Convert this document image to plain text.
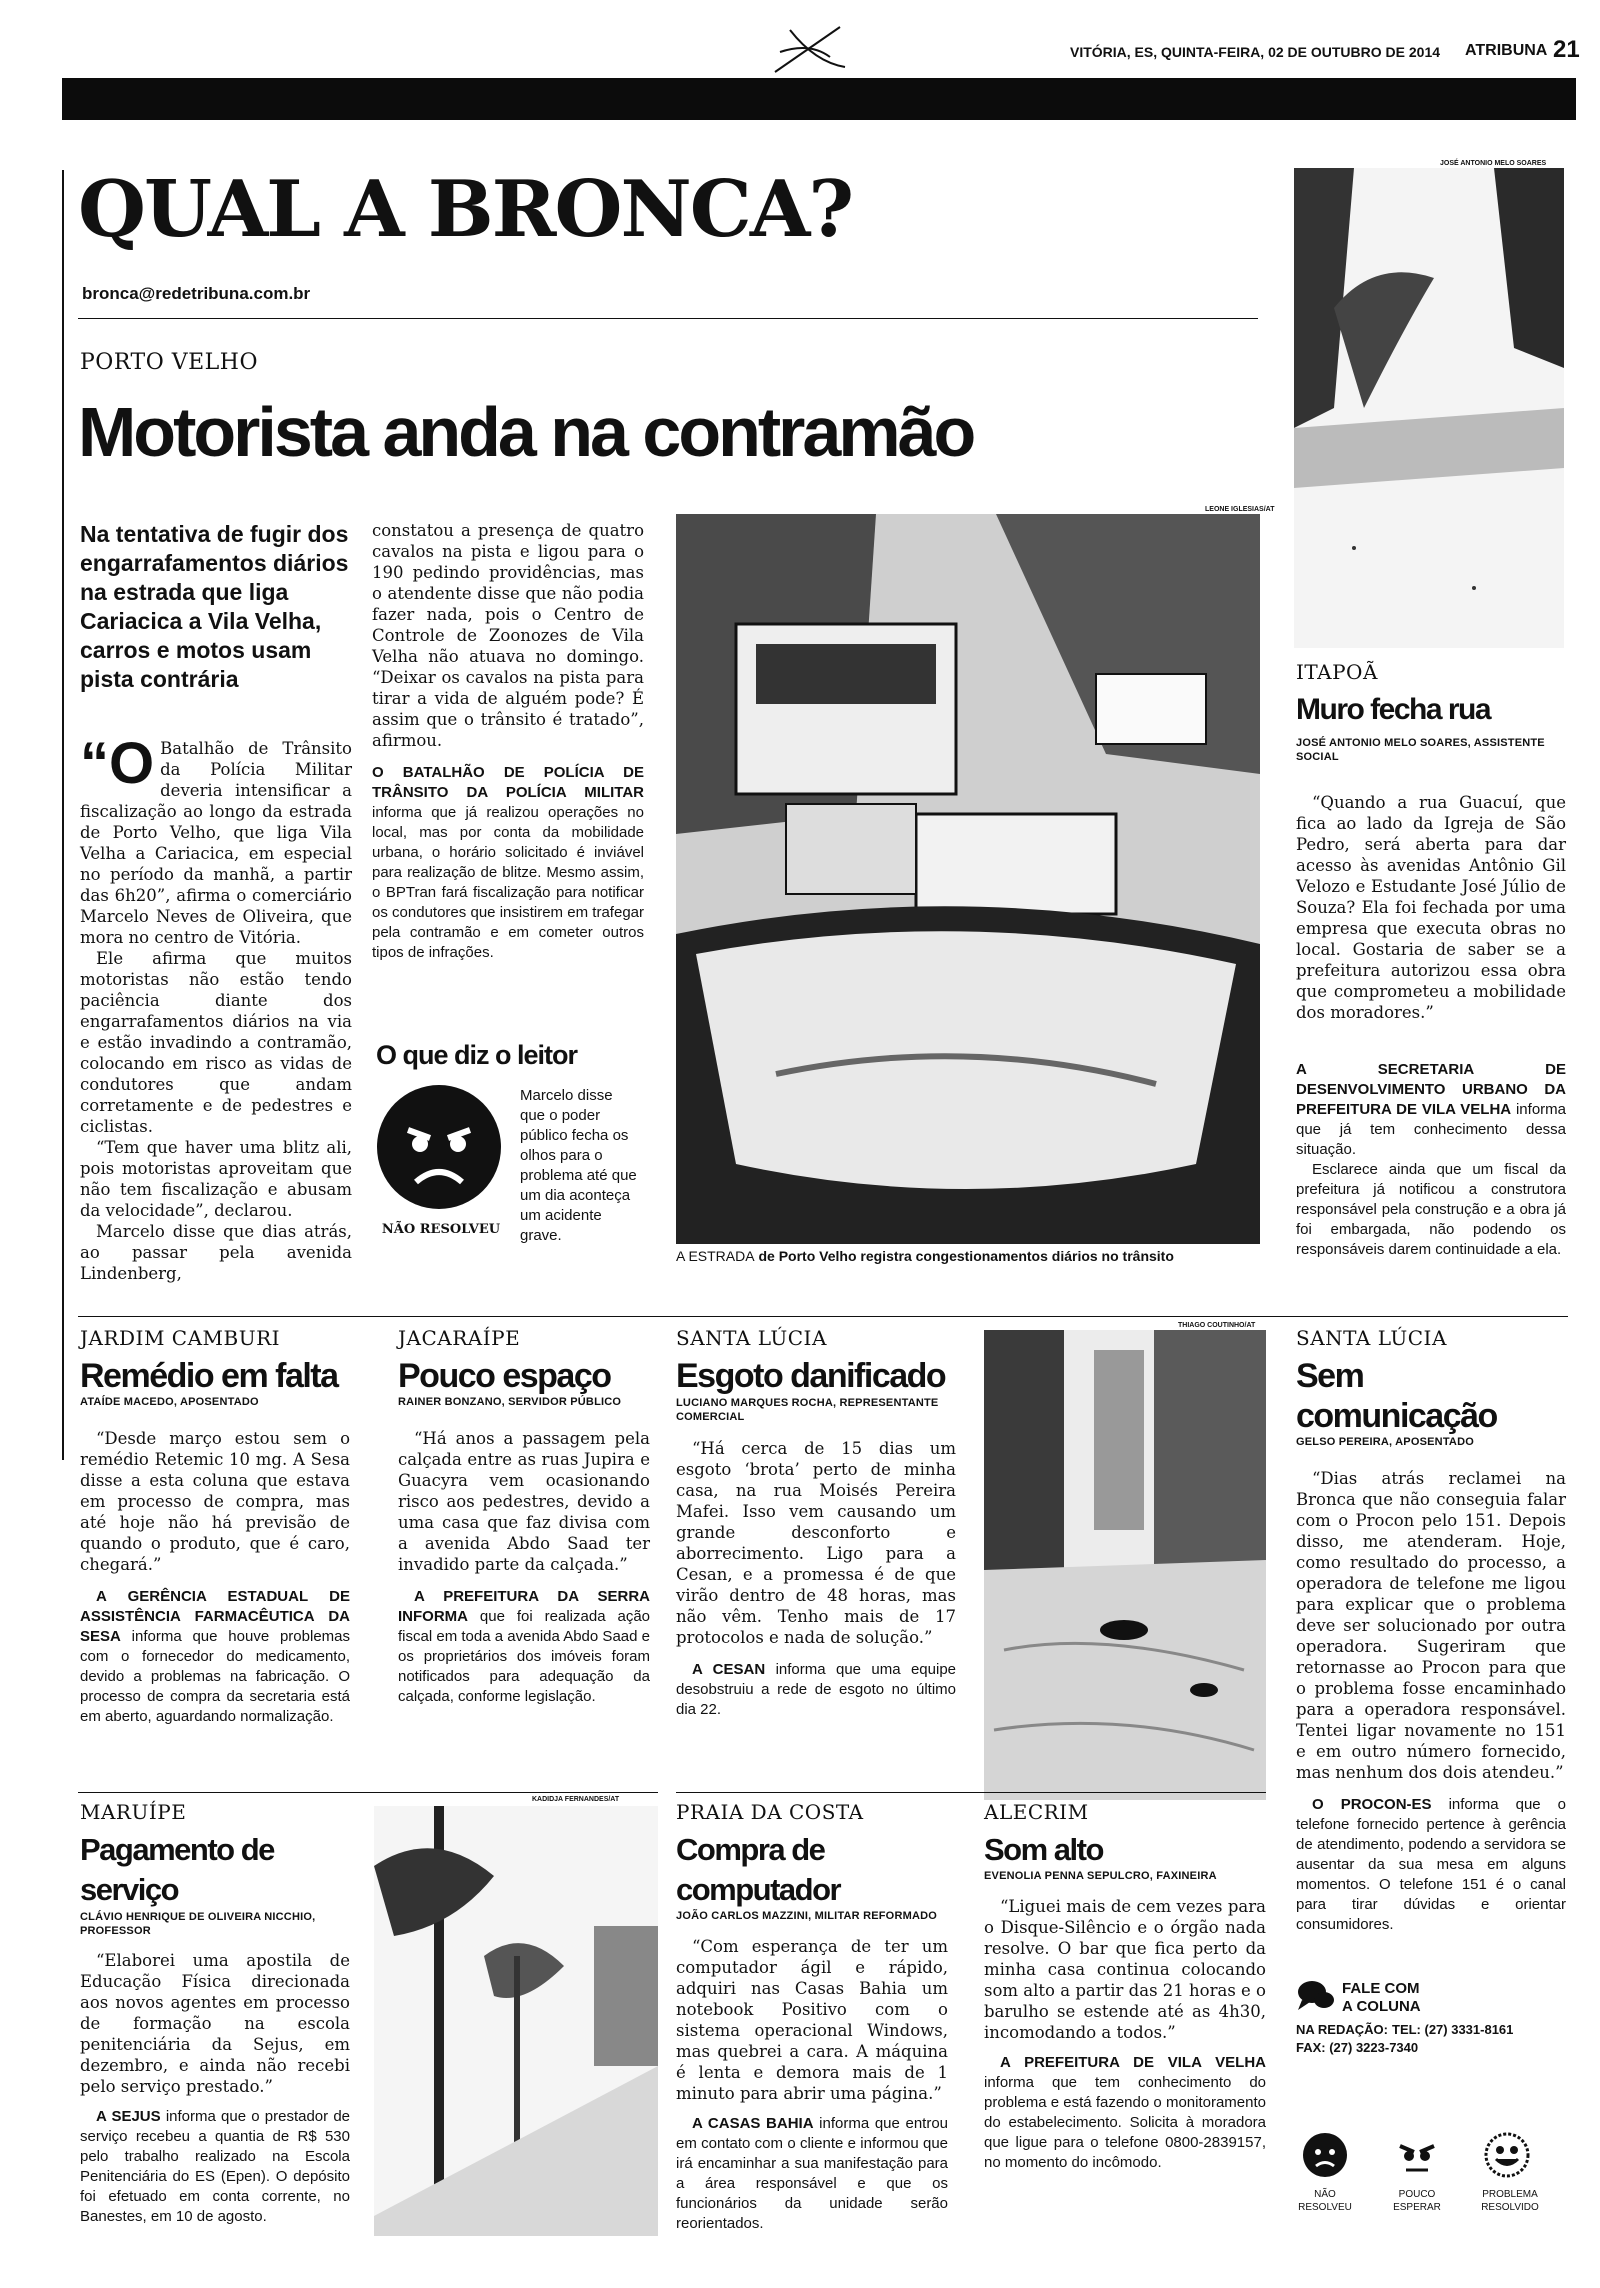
VITÓRIA, ES, QUINTA-FEIRA, 02 DE OUTUBRO DE 2014 ATRIBUNA 21
QUAL A BRONCA?
bronca@redetribuna.com.br
PORTO VELHO
Motorista anda na contramão
Na tentativa de fugir dos engarrafamentos diários na estrada que liga Cariacica a Vila Velha, carros e motos usam pista contrária
“O Batalhão de Trânsito da Polícia Militar deveria intensificar a fiscalização ao longo da estrada de Porto Velho, que liga Vila Velha a Cariacica, em especial no período da manhã, a partir das 6h20”, afirma o comerciário Marcelo Neves de Oliveira, que mora no centro de Vitória.
Ele afirma que muitos motoristas não estão tendo paciência diante dos engarrafamentos diários na via e estão invadindo a contramão, colocando em risco as vidas de condutores que andam corretamente e de pedestres e ciclistas.
“Tem que haver uma blitz ali, pois motoristas aproveitam que não tem fiscalização e abusam da velocidade”, declarou.
Marcelo disse que dias atrás, ao passar pela avenida Lindenberg,
constatou a presença de quatro cavalos na pista e ligou para o 190 pedindo providências, mas o atendente disse que não podia fazer nada, pois o Centro de Controle de Zoonozes de Vila Velha não atuava no domingo. “Deixar os cavalos na pista para tirar a vida de alguém pode? É assim que o trânsito é tratado”, afirmou.
O BATALHÃO DE POLÍCIA DE TRÂNSITO DA POLÍCIA MILITAR informa que já realizou operações no local, mas por conta da mobilidade urbana, o horário solicitado é inviável para realização de blitze. Mesmo assim, o BPTran fará fiscalização para notificar os condutores que insistirem em trafegar pela contramão e em cometer outros tipos de infrações.
O que diz o leitor
NÃO RESOLVEU
Marcelo disse que o poder público fecha os olhos para o problema até que um dia aconteça um acidente grave.
LEONE IGLESIAS/AT
A ESTRADA de Porto Velho registra congestionamentos diários no trânsito
JOSÉ ANTONIO MELO SOARES
ITAPOÃ
Muro fecha rua
JOSÉ ANTONIO MELO SOARES, ASSISTENTE SOCIAL
“Quando a rua Guacuí, que fica ao lado da Igreja de São Pedro, será aberta para dar acesso às avenidas Antônio Gil Velozo e Estudante José Júlio de Souza? Ela foi fechada por uma empresa que executa obras no local. Gostaria de saber se a prefeitura autorizou essa obra que comprometeu a mobilidade dos moradores.”
A SECRETARIA DE DESENVOLVIMENTO URBANO DA PREFEITURA DE VILA VELHA informa que já tem conhecimento dessa situação.
Esclarece ainda que um fiscal da prefeitura já notificou a construtora responsável pela construção e a obra já foi embargada, não podendo os responsáveis darem continuidade a ela.
JARDIM CAMBURI
Remédio em falta
ATAÍDE MACEDO, APOSENTADO
“Desde março estou sem o remédio Retemic 10 mg. A Sesa disse a esta coluna que estava em processo de compra, mas até hoje não há previsão de quando o produto, que é caro, chegará.”
A GERÊNCIA ESTADUAL DE ASSISTÊNCIA FARMACÊUTICA DA SESA informa que houve problemas com o fornecedor do medicamento, devido a problemas na fabricação. O processo de compra da secretaria está em aberto, aguardando normalização.
JACARAÍPE
Pouco espaço
RAINER BONZANO, SERVIDOR PÚBLICO
“Há anos a passagem pela calçada entre as ruas Jupira e Guacyra vem ocasionando risco aos pedestres, devido a uma casa que faz divisa com a avenida Abdo Saad ter invadido parte da calçada.”
A PREFEITURA DA SERRA INFORMA que foi realizada ação fiscal em toda a avenida Abdo Saad e os proprietários dos imóveis foram notificados para adequação da calçada, conforme legislação.
SANTA LÚCIA
Esgoto danificado
LUCIANO MARQUES ROCHA, REPRESENTANTE COMERCIAL
“Há cerca de 15 dias um esgoto ‘brota’ perto de minha casa, na rua Moisés Pereira Mafei. Isso vem causando um grande desconforto e aborrecimento. Ligo para a Cesan, e a promessa é de que virão dentro de 48 horas, mas não vêm. Tenho mais de 17 protocolos e nada de solução.”
A CESAN informa que uma equipe desobstruiu a rede de esgoto no último dia 22.
THIAGO COUTINHO/AT
SANTA LÚCIA
Sem comunicação
GELSO PEREIRA, APOSENTADO
“Dias atrás reclamei na Bronca que não conseguia falar com o Procon pelo 151. Depois disso, me atenderam. Hoje, como resultado do processo, a operadora de telefone me ligou para explicar que o problema deve ser solucionado por outra operadora. Sugeriram que retornasse ao Procon para que o problema fosse encaminhado para a operadora responsável. Tentei ligar novamente no 151 e em outro número fornecido, mas nenhum dos dois atendeu.”
O PROCON-ES informa que o telefone fornecido pertence à gerência de atendimento, podendo a servidora se ausentar da sua mesa em alguns momentos. O telefone 151 é o canal para tirar dúvidas e orientar consumidores.
MARUÍPE
Pagamento de serviço
CLÁVIO HENRIQUE DE OLIVEIRA NICCHIO, PROFESSOR
“Elaborei uma apostila de Educação Física direcionada aos novos agentes em processo de formação na escola penitenciária da Sejus, em dezembro, e ainda não recebi pelo serviço prestado.”
A SEJUS informa que o prestador de serviço recebeu a quantia de R$ 530 pelo trabalho realizado na Escola Penitenciária do ES (Epen). O depósito foi efetuado em conta corrente, no Banestes, em 10 de agosto.
KADIDJA FERNANDES/AT
PRAIA DA COSTA
Compra de computador
JOÃO CARLOS MAZZINI, MILITAR REFORMADO
“Com esperança de ter um computador ágil e rápido, adquiri nas Casas Bahia um notebook Positivo com o sistema operacional Windows, mas quebrei a cara. A máquina é lenta e demora mais de 1 minuto para abrir uma página.”
A CASAS BAHIA informa que entrou em contato com o cliente e informou que irá encaminhar a sua manifestação para a área responsável e que os funcionários da unidade serão reorientados.
ALECRIM
Som alto
EVENOLIA PENNA SEPULCRO, FAXINEIRA
“Liguei mais de cem vezes para o Disque-Silêncio e o órgão nada resolve. O bar que fica perto da minha casa continua colocando som alto a partir das 21 horas e o barulho se estende até as 4h30, incomodando a todos.”
A PREFEITURA DE VILA VELHA informa que tem conhecimento do problema e está fazendo o monitoramento do estabelecimento. Solicita à moradora que ligue para o telefone 0800-2839157, no momento do incômodo.
FALE COM
A COLUNA
NA REDAÇÃO: TEL: (27) 3331-8161
FAX: (27) 3223-7340
NÃO RESOLVEU
POUCO ESPERAR
PROBLEMA RESOLVIDO
